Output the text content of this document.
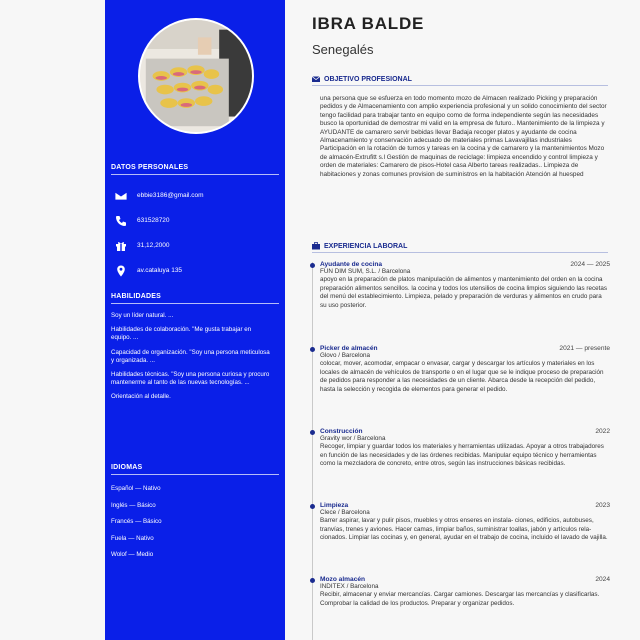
DATOS PERSONALES
ebbie3186@gmail.com
631528720
31,12,2000
av.cataluya 135
HABILIDADES
Soy un líder natural. ...
Habilidades de colaboración. "Me gusta trabajar en equipo. ...
Capacidad de organización. "Soy una persona meticulosa y organizada. ...
Habilidades técnicas. "Soy una persona curiosa y procuro mantenerme al tanto de las nuevas tecnologías. ...
Orientación al detalle.
IDIOMAS
Español — Nativo
Inglés — Básico
Francés — Básico
Fuela — Nativo
Wolof — Medio
IBRA BALDE
Senegalés
OBJETIVO PROFESIONAL
una persona que se esfuerza en todo momento mozo de Almacen realizado Picking y preparación pedidos y de Almacenamiento con amplio experiencia profesional y un solido conocimiento del sector tengo facilidad para trabajar tanto en equipo como de forma independiente según las necesidades busco la oportunidad de demostrar mi valid en la empresa de futuro.. Mantenimiento de la limpieza y AYUDANTE de camarero servir bebidas llevar Badaja recoger platos y ayudante de cocina Almacenamiento y conservación adecuado de materiales primas Lavavajillas industriales Participación en la rotación de turnos y tareas en la cocina y de camarero y la mantenimientos Mozo de almacén-Extrufitt s.l Gestión de maquinas de reciclage: limpieza encendido y control limpieza y orden de materiales: Camarero de pisos-Hotel casa Alberto tareas realizadas.. Limpieza de habitaciones y zonas comunes provision de suministros en la habitación Atención al huesped
EXPERIENCIA LABORAL
Ayudante de cocina	2024 — 2025
FUN DIM SUM, S.L. / Barcelona
apoyo en la preparación de platos manipulación de alimentos y mantenimiento del orden en la cocina preparación alimentos sencillos. la cocina y todos los utensilios de cocina limpios siguiendo las recetas del menú del establecimiento. Limpieza, pelado y preparación de verduras y alimentos en crudo para su uso posterior.
Picker de almacén	2021 — presente
Glovo / Barcelona
colocar, mover, acomodar, empacar o envasar, cargar y descargar los artículos y materiales en los locales de almacén de vehículos de transporte o en el lugar que se le indique proceso de preparación de pedidos para responder a las necesidades de un cliente. Abarca desde la recepción del pedido, hasta la selección y recogida de elementos para generar el pedido.
Construcción	2022
Gravity wor / Barcelona
Recoger, limpiar y guardar todos los materiales y herramientas utilizadas. Apoyar a otros trabajadores en función de las necesidades y de las órdenes recibidas. Manipular equipo técnico y herramientas como la mezcladora de concreto, entre otros, según las instrucciones básicas recibidas.
Limpieza	2023
Clece / Barcelona
Barrer aspirar, lavar y pulir pisos, muebles y otros enseres en instala- ciones, edificios, autobuses, tranvías, trenes y aviones. Hacer camas, limpiar baños, suministrar toallas, jabón y artículos rela- cionados. Limpiar las cocinas y, en general, ayudar en el trabajo de cocina, incluido el lavado de vajilla.
Mozo almacén	2024
INDITEX / Barcelona
Recibir, almacenar y enviar mercancías. Cargar camiones. Descargar las mercancías y clasificarlas. Comprobar la calidad de los productos. Preparar y organizar pedidos.
